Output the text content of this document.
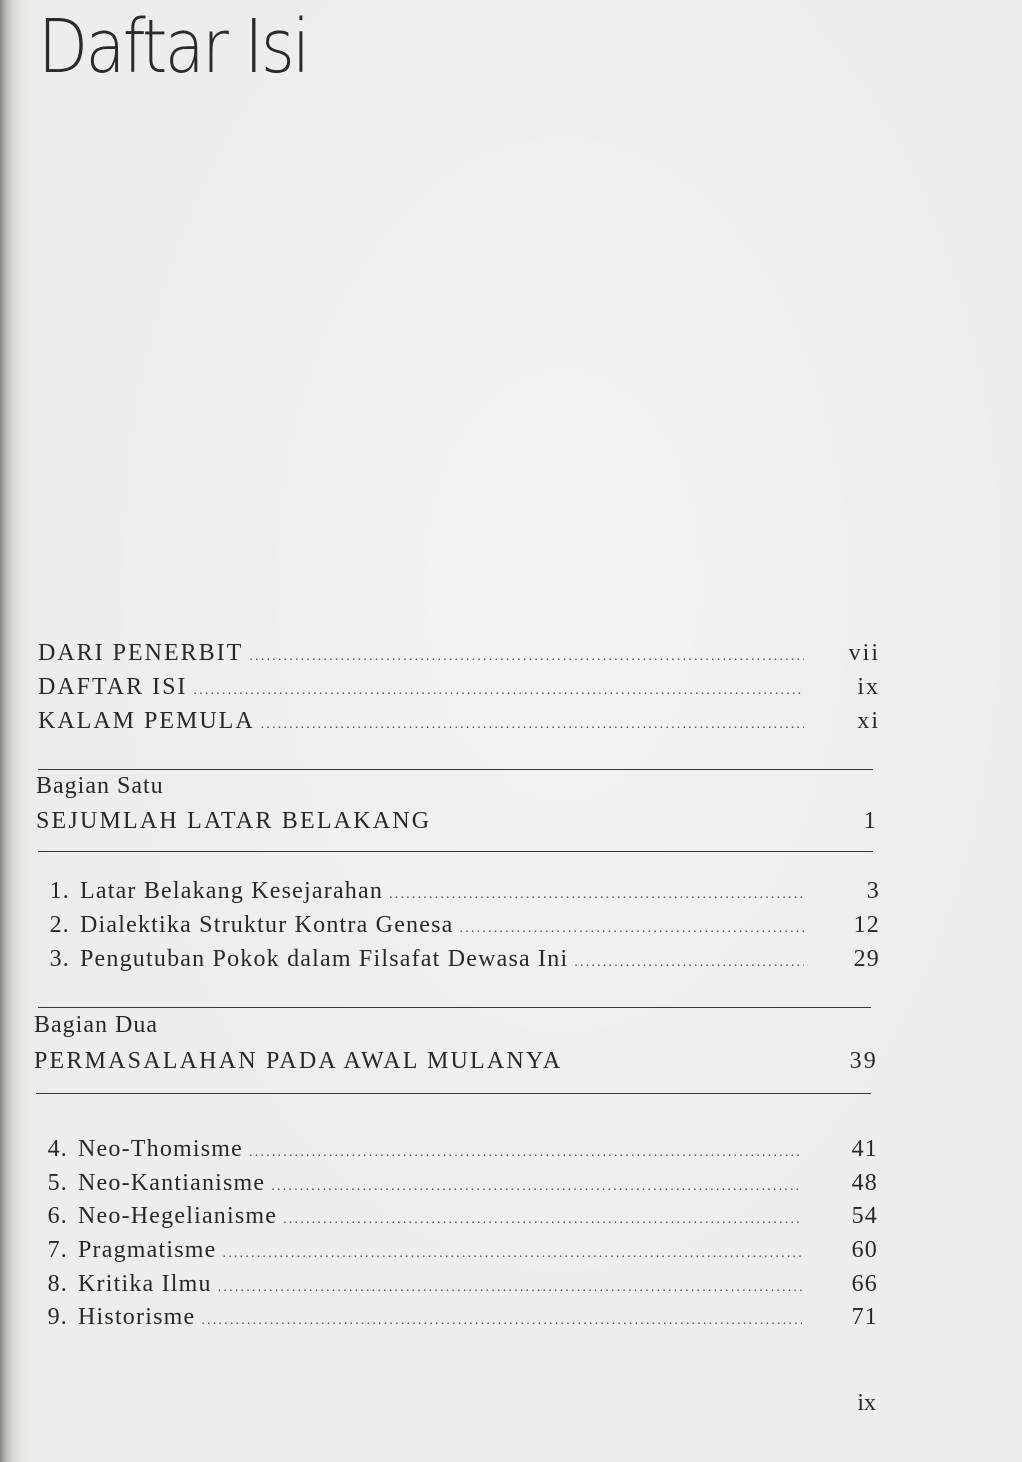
Daftar Isi
DARI PENERBIT .....	vii
DAFTAR ISI .....	ix
KALAM PEMULA .....	xi
Bagian Satu
SEJUMLAH LATAR BELAKANG	1
1. Latar Belakang Kesejarahan .....	3
2. Dialektika Struktur Kontra Genesa .....	12
3. Pengutuban Pokok dalam Filsafat Dewasa Ini .....	29
Bagian Dua
PERMASALAHAN PADA AWAL MULANYA	39
4. Neo-Thomisme .....	41
5. Neo-Kantianisme .....	48
6. Neo-Hegelianisme .....	54
7. Pragmatisme .....	60
8. Kritika Ilmu .....	66
9. Historisme .....	71
ix
